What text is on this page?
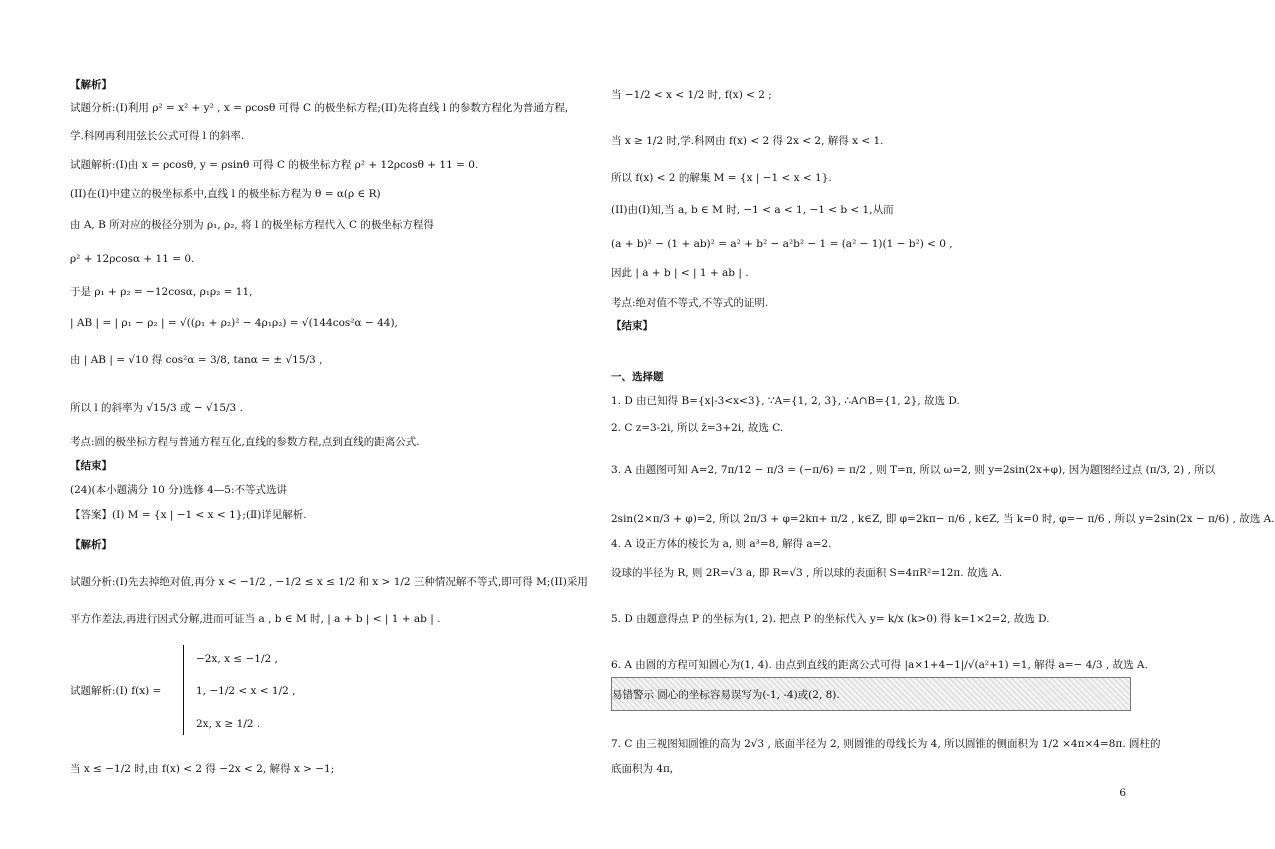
易错警示 圆心的坐标容易误写为(-1, -4)或(2, 8).
6
【解析】
试题分析:(I)利用 ρ² = x² + y² , x = ρcosθ 可得 C 的极坐标方程;(II)先将直线 l 的参数方程化为普通方程,
学.科网再利用弦长公式可得 l 的斜率.
试题解析:(I)由 x = ρcosθ, y = ρsinθ 可得 C 的极坐标方程 ρ² + 12ρcosθ + 11 = 0.
(II)在(I)中建立的极坐标系中,直线 l 的极坐标方程为 θ = α(ρ ∈ R)
由 A, B 所对应的极径分别为 ρ₁, ρ₂, 将 l 的极坐标方程代入 C 的极坐标方程得
ρ² + 12ρcosα + 11 = 0.
于是 ρ₁ + ρ₂ = −12cosα, ρ₁ρ₂ = 11,
| AB | = | ρ₁ − ρ₂ | = √((ρ₁ + ρ₂)² − 4ρ₁ρ₂) = √(144cos²α − 44),
由 | AB | = √10 得 cos²α = 3/8, tanα = ± √15/3 ,
所以 l 的斜率为 √15/3 或 − √15/3 .
考点:圆的极坐标方程与普通方程互化,直线的参数方程,点到直线的距离公式.
【结束】
(24)(本小题满分 10 分)选修 4—5:不等式选讲
【答案】(Ⅰ) M = {x | −1 < x < 1};(Ⅱ)详见解析.
【解析】
试题分析:(I)先去掉绝对值,再分 x < −1/2 , −1/2 ≤ x ≤ 1/2 和 x > 1/2 三种情况解不等式,即可得 M;(II)采用
平方作差法,再进行因式分解,进而可证当 a , b ∈ M 时, | a + b | < | 1 + ab | .
−2x, x ≤ −1/2 ,
试题解析:(I) f(x) =	1, −1/2 < x < 1/2 ,
2x, x ≥ 1/2 .
当 x ≤ −1/2 时,由 f(x) < 2 得 −2x < 2, 解得 x > −1;
当 −1/2 < x < 1/2 时, f(x) < 2 ;
当 x ≥ 1/2 时,学.科网由 f(x) < 2 得 2x < 2, 解得 x < 1.
所以 f(x) < 2 的解集 M = {x | −1 < x < 1}.
(II)由(I)知,当 a, b ∈ M 时, −1 < a < 1, −1 < b < 1,从而
(a + b)² − (1 + ab)² = a² + b² − a²b² − 1 = (a² − 1)(1 − b²) < 0 ,
因此 | a + b | < | 1 + ab | .
考点:绝对值不等式,不等式的证明.
【结束】
一、选择题
1. D 由已知得 B={x|-3<x<3}, ∵A={1, 2, 3}, ∴A∩B={1, 2}, 故选 D.
2. C z=3-2i, 所以 z̄=3+2i, 故选 C.
3. A 由题图可知 A=2, 7π/12 − π/3 = (−π/6) = π/2 , 则 T=π, 所以 ω=2, 则 y=2sin(2x+φ), 因为题图经过点 (π/3, 2) , 所以
2sin(2×π/3 + φ)=2, 所以 2π/3 + φ=2kπ+ π/2 , k∈Z, 即 φ=2kπ− π/6 , k∈Z, 当 k=0 时, φ=− π/6 , 所以 y=2sin(2x − π/6) , 故选 A.
4. A 设正方体的棱长为 a, 则 a³=8, 解得 a=2.
设球的半径为 R, 则 2R=√3 a, 即 R=√3 , 所以球的表面积 S=4πR²=12π. 故选 A.
5. D 由题意得点 P 的坐标为(1, 2). 把点 P 的坐标代入 y= k/x (k>0) 得 k=1×2=2, 故选 D.
6. A 由圆的方程可知圆心为(1, 4). 由点到直线的距离公式可得 |a×1+4−1|/√(a²+1) =1, 解得 a=− 4/3 , 故选 A.
7. C 由三视图知圆锥的高为 2√3 , 底面半径为 2, 则圆锥的母线长为 4, 所以圆锥的侧面积为 1/2 ×4π×4=8π. 圆柱的
底面积为 4π,
